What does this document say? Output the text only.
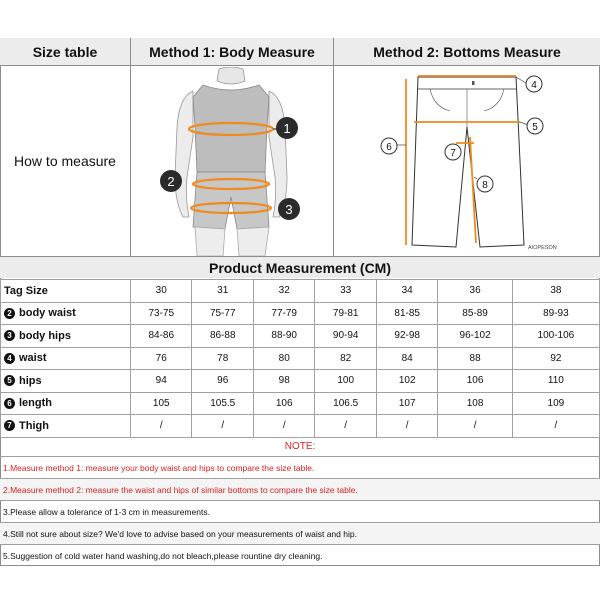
Size table	Method 1: Body Measure	Method 2: Bottoms Measure
How to measure
1
2
3
4
5
6
7
8
AIOPESON
Product Measurement (CM)
Tag Size	30	31	32	33	34	36	38
2 body waist	73-75	75-77	77-79	79-81	81-85	85-89	89-93
3 body hips	84-86	86-88	88-90	90-94	92-98	96-102	100-106
4 waist	76	78	80	82	84	88	92
5 hips	94	96	98	100	102	106	110
6 length	105	105.5	106	106.5	107	108	109
7 Thigh	/	/	/	/	/	/	/
NOTE:
1.Measure method 1: measure your body waist and hips to compare the size table.
2.Measure method 2: measure the waist and hips of similar bottoms to compare the size table.
3.Please allow a tolerance of 1-3 cm in measurements.
4.Still not sure about size? We'd love to advise based on your measurements of waist and hip.
5.Suggestion of cold water hand washing,do not bleach,please rountine dry cleaning.
